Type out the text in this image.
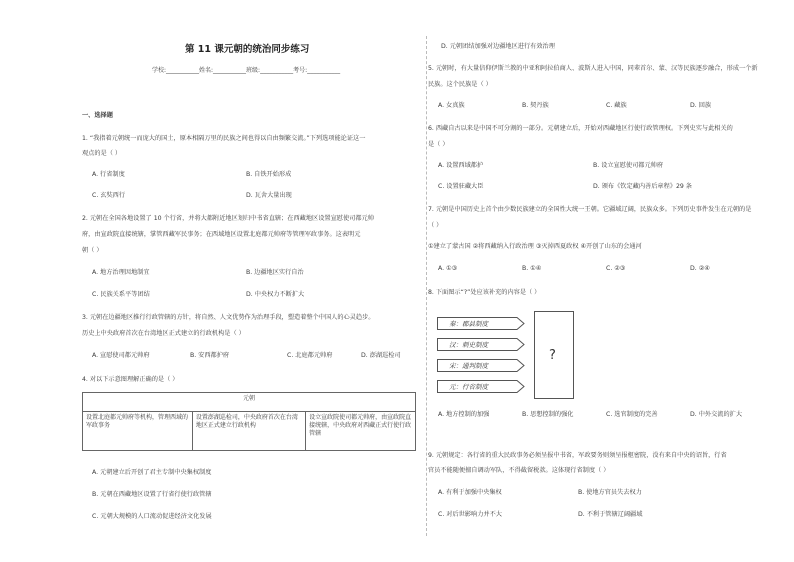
第 11 课元朝的统治同步练习
学校:___________姓名:___________班级:___________考号:___________
一、选择题
1. “我指着元朝统一而庞大的国土，原本相隔万里的民族之间也得以自由频繁交流。”下列选项能论证这一
观点的是（ ）
A. 行省制度	B. 自铁开始形成
C. 玄奘西行	D. 瓦舍大量出现
2. 元朝在全国各地设置了 10 个行省，并将大都附近地区划归中书省直辖；在西藏地区设置宣慰使司都元帅
府，由宣政院直接统辖，掌管西藏军民事务；在西域地区设置北庭都元帅府等管理军政事务。这表明元
朝（ ）
A. 地方治理因地制宜	B. 边疆地区实行自治
C. 民族关系平等团结	D. 中央权力不断扩大
3. 元朝在边疆地区推行行政管辖的方针，将自然、人文优势作为治理手段，塑造着整个中国人的心灵趋步。
历史上中央政府首次在台湾地区正式建立的行政机构是（ ）
A. 宣慰使司都元帅府	B. 安西都护府	C. 北庭都元帅府	D. 澎湖巡检司
4. 对以下示意图理解正确的是（ ）
元朝
设置北庭都元帅府等机构，管理西域的军政事务	设置澎湖巡检司，中央政府首次在台湾地区正式建立行政机构	设立宣政院使司都元帅府，由宣政院直接统辖，中央政府对西藏正式行使行政管辖
A. 元朝建立后开创了君主专制中央集权制度
B. 元朝在西藏地区设置了行省行使行政管辖
C. 元朝大规模的人口流动促进经济文化发展
D. 元朝团结加强对边疆地区进行有效治理
5. 元朝时，有大量信仰伊斯兰教的中亚和阿拉伯商人、波斯人进入中国，同辈首尔、蒙、汉等民族逐步融合，形成一个新
民族。这个民族是（ ）
A. 女真族	B. 契丹族	C. 藏族	D. 回族
6. 西藏自古以来是中国不可分割的一部分。元朝建立后，开始对西藏地区行使行政管理权。下列史实与此相关的
是（ ）
A. 设置西域都护	B. 设立宣慰使司都元帅府
C. 设置驻藏大臣	D. 颁布《钦定藏内善后章程》29 条
7. 元朝是中国历史上首个由少数民族建立的全国性大统一王朝。它疆域辽阔，民族众多。下列历史事件发生在元朝的是
（ ）
①建立了蒙古国 ②将西藏纳入行政治理 ③灭掉西夏政权 ④开创了山东的会通河
A. ①③	B. ①④	C. ②③	D. ②④
8. 下面图示“?”处应该补充的内容是（ ）
秦：郡县制度
汉：刺史制度
宋：通判制度
元：行省制度
?
A. 地方控制的加强	B. 思想控制的强化	C. 选官制度的完善	D. 中外交流的扩大
9. 元朝规定：各行省的重大民政事务必须呈报中书省，军政要务则须呈报枢密院，没有来自中央的诏旨，行省
官员不能随便擅自调动军队，不得截留税款。这体现行省制度（ ）
A. 有利于加强中央集权	B. 使地方官员失去权力
C. 对后世影响力并不大	D. 不利于管辖辽阔疆域
